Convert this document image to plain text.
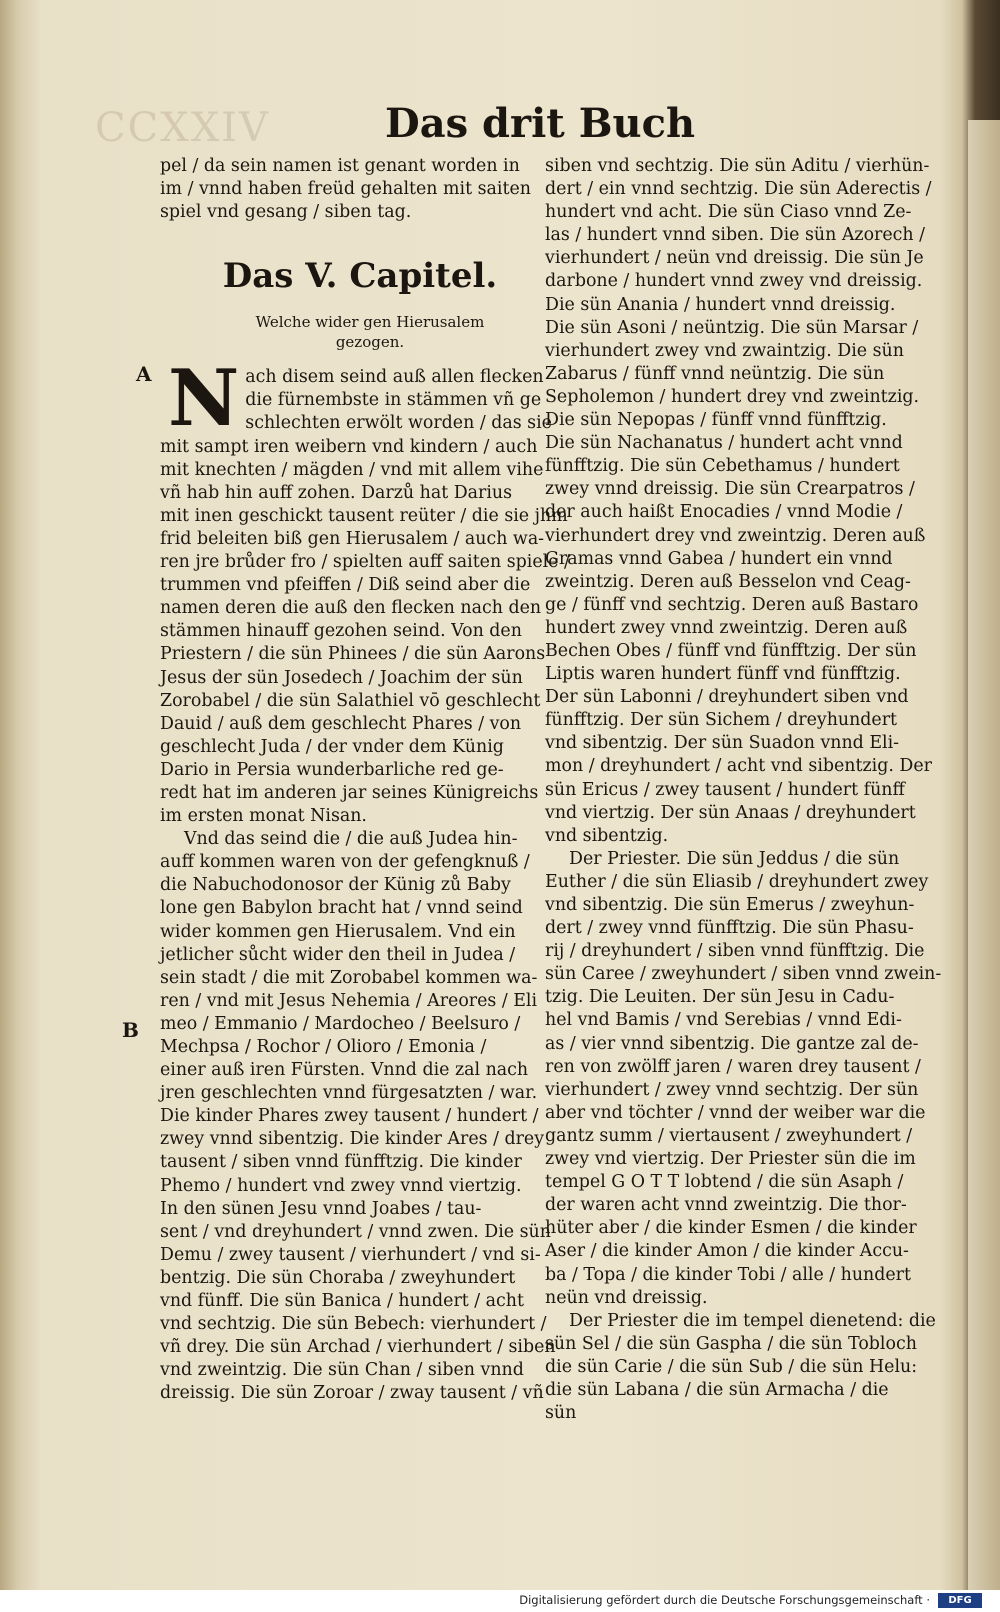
CCXXIV	Das drit Buch
A
B

pel / da sein namen ist genant worden in

im / vnnd haben freüd gehalten mit saiten

spiel vnd gesang / siben tag.

Das V. Capitel.
Welche wider gen Hierusalem
gezogen.
N ach disem seind auß allen flecken

die fürnembste in stämmen vñ ge

schlechten erwölt worden / das sie

mit sampt iren weibern vnd kindern / auch

mit knechten / mägden / vnd mit allem vihe

vñ hab hin auff zohen. Darzů hat Darius

mit inen geschickt tausent reüter / die sie jhm

frid beleiten biß gen Hierusalem / auch wa-

ren jre brůder fro / spielten auff saiten spiele /

trummen vnd pfeiffen / Diß seind aber die

namen deren die auß den flecken nach den

stämmen hinauff gezohen seind. Von den

Priestern / die sün Phinees / die sün Aarons

Jesus der sün Josedech / Joachim der sün

Zorobabel / die sün Salathiel vō geschlecht

Dauid / auß dem geschlecht Phares / von

geschlecht Juda / der vnder dem Künig

Dario in Persia wunderbarliche red ge-

redt hat im anderen jar seines Künigreichs

im ersten monat Nisan.

Vnd das seind die / die auß Judea hin-

auff kommen waren von der gefengknuß /

die Nabuchodonosor der Künig zů Baby

lone gen Babylon bracht hat / vnnd seind

wider kommen gen Hierusalem. Vnd ein

jetlicher sůcht wider den theil in Judea /

sein stadt / die mit Zorobabel kommen wa-

ren / vnd mit Jesus Nehemia / Areores / Eli

meo / Emmanio / Mardocheo / Beelsuro /

Mechpsa / Rochor / Olioro / Emonia /

einer auß iren Fürsten. Vnnd die zal nach

jren geschlechten vnnd fürgesatzten / war.

Die kinder Phares zwey tausent / hundert /

zwey vnnd sibentzig. Die kinder Ares / drey

tausent / siben vnnd fünfftzig. Die kinder

Phemo / hundert vnd zwey vnnd viertzig.

In den sünen Jesu vnnd Joabes / tau-

sent / vnd dreyhundert / vnnd zwen. Die sün

Demu / zwey tausent / vierhundert / vnd si-

bentzig. Die sün Choraba / zweyhundert

vnd fünff. Die sün Banica / hundert / acht

vnd sechtzig. Die sün Bebech: vierhundert /

vñ drey. Die sün Archad / vierhundert / siben

vnd zweintzig. Die sün Chan / siben vnnd

dreissig. Die sün Zoroar / zway tausent / vñ

siben vnd sechtzig. Die sün Aditu / vierhün-

dert / ein vnnd sechtzig. Die sün Aderectis /

hundert vnd acht. Die sün Ciaso vnnd Ze-

las / hundert vnnd siben. Die sün Azorech /

vierhundert / neün vnd dreissig. Die sün Je

darbone / hundert vnnd zwey vnd dreissig.

Die sün Anania / hundert vnnd dreissig.

Die sün Asoni / neüntzig. Die sün Marsar /

vierhundert zwey vnd zwaintzig. Die sün

Zabarus / fünff vnnd neüntzig. Die sün

Sepholemon / hundert drey vnd zweintzig.

Die sün Nepopas / fünff vnnd fünfftzig.

Die sün Nachanatus / hundert acht vnnd

fünfftzig. Die sün Cebethamus / hundert

zwey vnnd dreissig. Die sün Crearpatros /

der auch haißt Enocadies / vnnd Modie /

vierhundert drey vnd zweintzig. Deren auß

Gramas vnnd Gabea / hundert ein vnnd

zweintzig. Deren auß Besselon vnd Ceag-

ge / fünff vnd sechtzig. Deren auß Bastaro

hundert zwey vnnd zweintzig. Deren auß

Bechen Obes / fünff vnd fünfftzig. Der sün

Liptis waren hundert fünff vnd fünfftzig.

Der sün Labonni / dreyhundert siben vnd

fünfftzig. Der sün Sichem / dreyhundert

vnd sibentzig. Der sün Suadon vnnd Eli-

mon / dreyhundert / acht vnd sibentzig. Der

sün Ericus / zwey tausent / hundert fünff

vnd viertzig. Der sün Anaas / dreyhundert

vnd sibentzig.

Der Priester. Die sün Jeddus / die sün

Euther / die sün Eliasib / dreyhundert zwey

vnd sibentzig. Die sün Emerus / zweyhun-

dert / zwey vnnd fünfftzig. Die sün Phasu-

rij / dreyhundert / siben vnnd fünfftzig. Die

sün Caree / zweyhundert / siben vnnd zwein-

tzig. Die Leuiten. Der sün Jesu in Cadu-

hel vnd Bamis / vnd Serebias / vnnd Edi-

as / vier vnnd sibentzig. Die gantze zal de-

ren von zwölff jaren / waren drey tausent /

vierhundert / zwey vnnd sechtzig. Der sün

aber vnd töchter / vnnd der weiber war die

gantz summ / viertausent / zweyhundert /

zwey vnd viertzig. Der Priester sün die im

tempel G O T T lobtend / die sün Asaph /

der waren acht vnnd zweintzig. Die thor-

hüter aber / die kinder Esmen / die kinder

Aser / die kinder Amon / die kinder Accu-

ba / Topa / die kinder Tobi / alle / hundert

neün vnd dreissig.

Der Priester die im tempel dienetend: die

sün Sel / die sün Gaspha / die sün Tobloch

die sün Carie / die sün Sub / die sün Helu:

die sün Labana / die sün Armacha / die

sün

Digitalisierung gefördert durch die Deutsche Forschungsgemeinschaft ·	DFG
